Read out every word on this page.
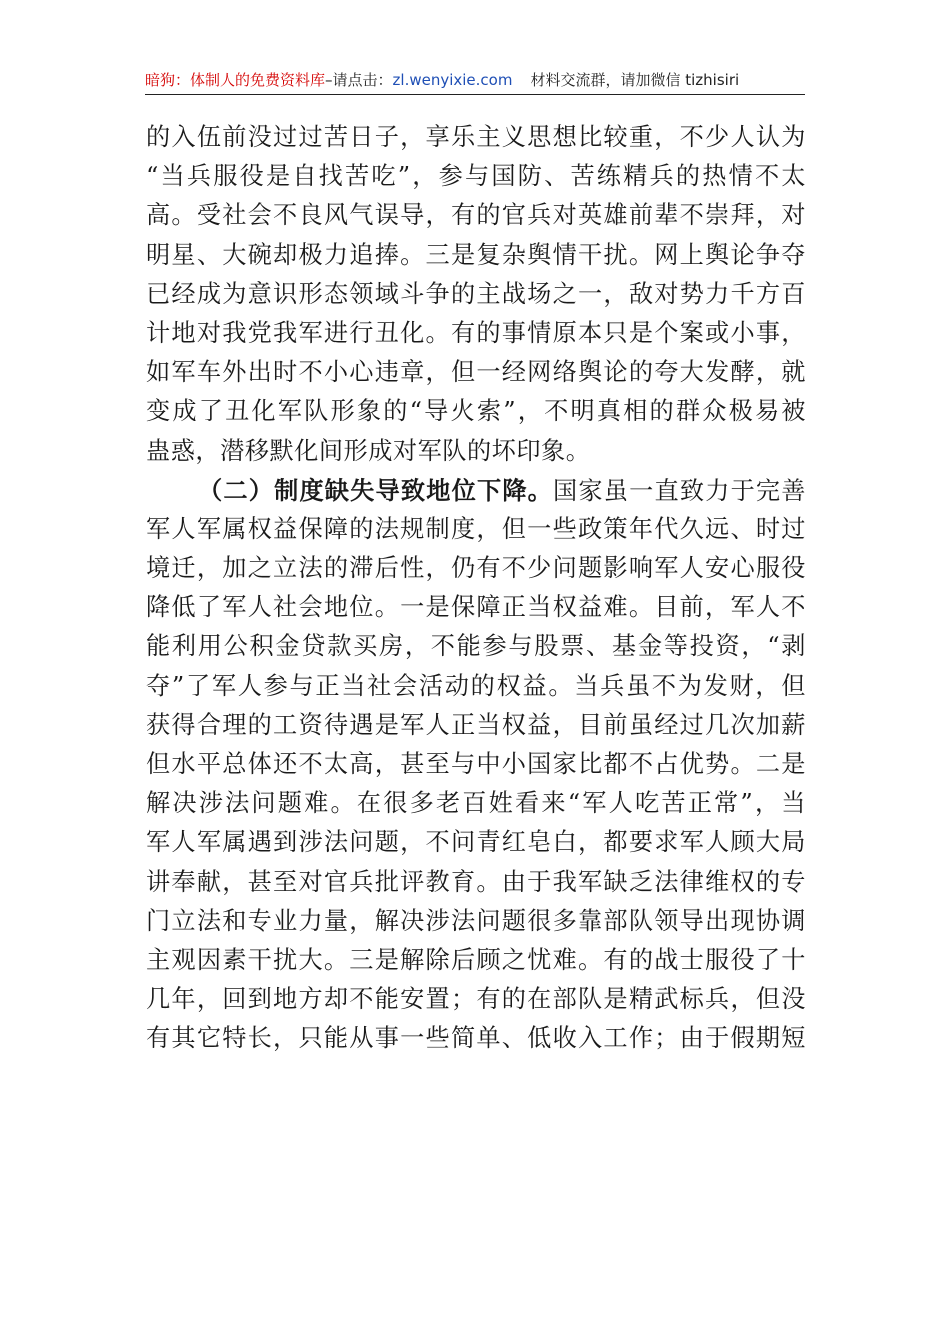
暗狗：体制人的免费资料库–请点击：zl.wenyixie.com 材料交流群，请加微信 tizhisiri
的入伍前没过过苦日子，享乐主义思想比较重，不少人认为
“当兵服役是自找苦吃”，参与国防、苦练精兵的热情不太
高。受社会不良风气误导，有的官兵对英雄前辈不崇拜，对
明星、大碗却极力追捧。三是复杂舆情干扰。网上舆论争夺
已经成为意识形态领域斗争的主战场之一，敌对势力千方百
计地对我党我军进行丑化。有的事情原本只是个案或小事，
如军车外出时不小心违章，但一经网络舆论的夸大发酵，就
变成了丑化军队形象的“导火索”，不明真相的群众极易被
蛊惑，潜移默化间形成对军队的坏印象。
（二）制度缺失导致地位下降。国家虽一直致力于完善
军人军属权益保障的法规制度，但一些政策年代久远、时过
境迁，加之立法的滞后性，仍有不少问题影响军人安心服役
降低了军人社会地位。一是保障正当权益难。目前，军人不
能利用公积金贷款买房，不能参与股票、基金等投资，“剥
夺”了军人参与正当社会活动的权益。当兵虽不为发财，但
获得合理的工资待遇是军人正当权益，目前虽经过几次加薪
但水平总体还不太高，甚至与中小国家比都不占优势。二是
解决涉法问题难。在很多老百姓看来“军人吃苦正常”，当
军人军属遇到涉法问题，不问青红皂白，都要求军人顾大局
讲奉献，甚至对官兵批评教育。由于我军缺乏法律维权的专
门立法和专业力量，解决涉法问题很多靠部队领导出现协调
主观因素干扰大。三是解除后顾之忧难。有的战士服役了十
几年，回到地方却不能安置；有的在部队是精武标兵，但没
有其它特长，只能从事一些简单、低收入工作；由于假期短
